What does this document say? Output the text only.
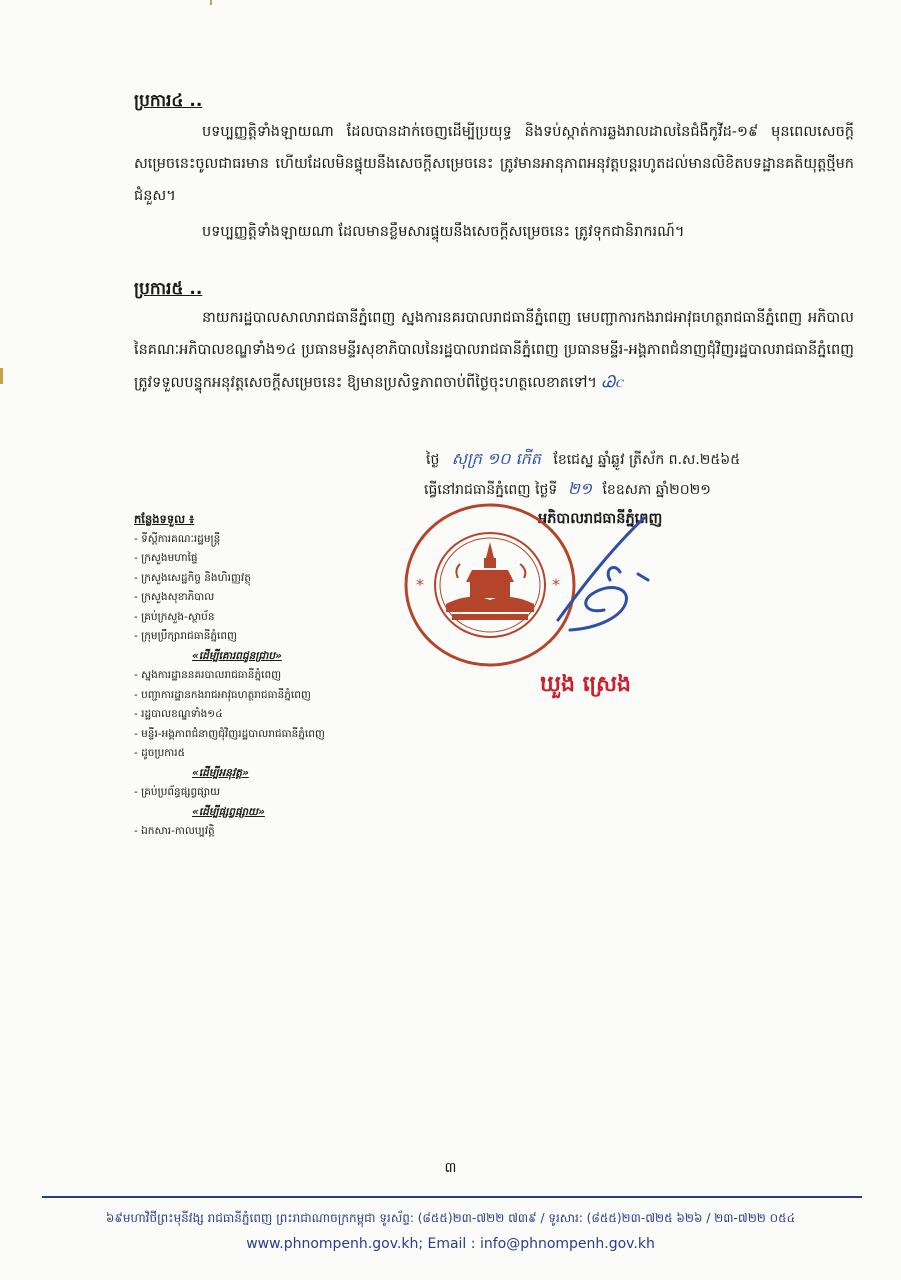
ប្រការ៤ ..
បទប្បញ្ញត្តិទាំងឡាយណា ដែលបានដាក់ចេញដើម្បីប្រយុទ្ធ និងទប់ស្កាត់ការឆ្លងរាលដាលនៃជំងឺកូវីដ-១៩ មុនពេលសេចក្តីសម្រេចនេះចូលជាធរមាន ហើយដែលមិនផ្ទុយនឹងសេចក្តីសម្រេចនេះ ត្រូវមានអានុភាពអនុវត្តបន្តរហូតដល់មានលិខិតបទដ្ឋានគតិយុត្តថ្មីមកជំនួស។
បទប្បញ្ញត្តិទាំងឡាយណា ដែលមានខ្លឹមសារផ្ទុយនឹងសេចក្តីសម្រេចនេះ ត្រូវទុកជានិរាករណ៍។
ប្រការ៥ ..
នាយករដ្ឋបាលសាលារាជធានីភ្នំពេញ ស្នងការនគរបាលរាជធានីភ្នំពេញ មេបញ្ជាការកងរាជអាវុធហត្ថរាជធានីភ្នំពេញ អភិបាល នៃគណៈអភិបាលខណ្ឌទាំង១៤ ប្រធានមន្ទីរសុខាភិបាលនៃរដ្ឋបាលរាជធានីភ្នំពេញ ប្រធានមន្ទីរ-អង្គភាពជំនាញជុំវិញរដ្ឋបាលរាជធានីភ្នំពេញ ត្រូវទទួលបន្ទុកអនុវត្តសេចក្តីសម្រេចនេះ ឱ្យមានប្រសិទ្ធភាពចាប់ពីថ្ងៃចុះហត្ថលេខាតទៅ។ Ꮚꮯ
ថ្ងៃ សុក្រ ១០ កើត ខែជេស្ឋ ឆ្នាំឆ្លូវ ត្រីស័ក ព.ស.២៥៦៥
ធ្វើនៅរាជធានីភ្នំពេញ ថ្ងៃទី ២១ ខែឧសភា ឆ្នាំ២០២១
អភិបាលរាជធានីភ្នំពេញ
*	*
ឃួង ស្រេង
កន្លែងទទួល ៖
- ទីស្តីការគណៈរដ្ឋមន្ត្រី
- ក្រសួងមហាផ្ទៃ
- ក្រសួងសេដ្ឋកិច្ច និងហិរញ្ញវត្ថុ
- ក្រសួងសុខាភិបាល
- គ្រប់ក្រសួង-ស្ថាប័ន
- ក្រុមប្រឹក្សារាជធានីភ្នំពេញ
«ដើម្បីគោរពជូនជ្រាប»
- ស្នងការដ្ឋាននគរបាលរាជធានីភ្នំពេញ
- បញ្ជាការដ្ឋានកងរាជអាវុធហត្ថរាជធានីភ្នំពេញ
- រដ្ឋបាលខណ្ឌទាំង១៤
- មន្ទីរ-អង្គភាពជំនាញជុំវិញរដ្ឋបាលរាជធានីភ្នំពេញ
- ដូចប្រការ៥
«ដើម្បីអនុវត្ត»
- គ្រប់ប្រព័ន្ធផ្សព្វផ្សាយ
«ដើម្បីផ្សព្វផ្សាយ»
- ឯកសារ-កាលប្បវត្តិ
៣
៦៩មហាវិថីព្រះមុនីវង្ស រាជធានីភ្នំពេញ ព្រះរាជាណាចក្រកម្ពុជា ទូរស័ព្ទ: (៨៥៥)២៣-៧២២ ៧៣៩ / ទូរសារ: (៨៥៥)២៣-៧២៥ ៦២៦ / ២៣-៧២២ ០៥៤
www.phnompenh.gov.kh; Email : info@phnompenh.gov.kh
